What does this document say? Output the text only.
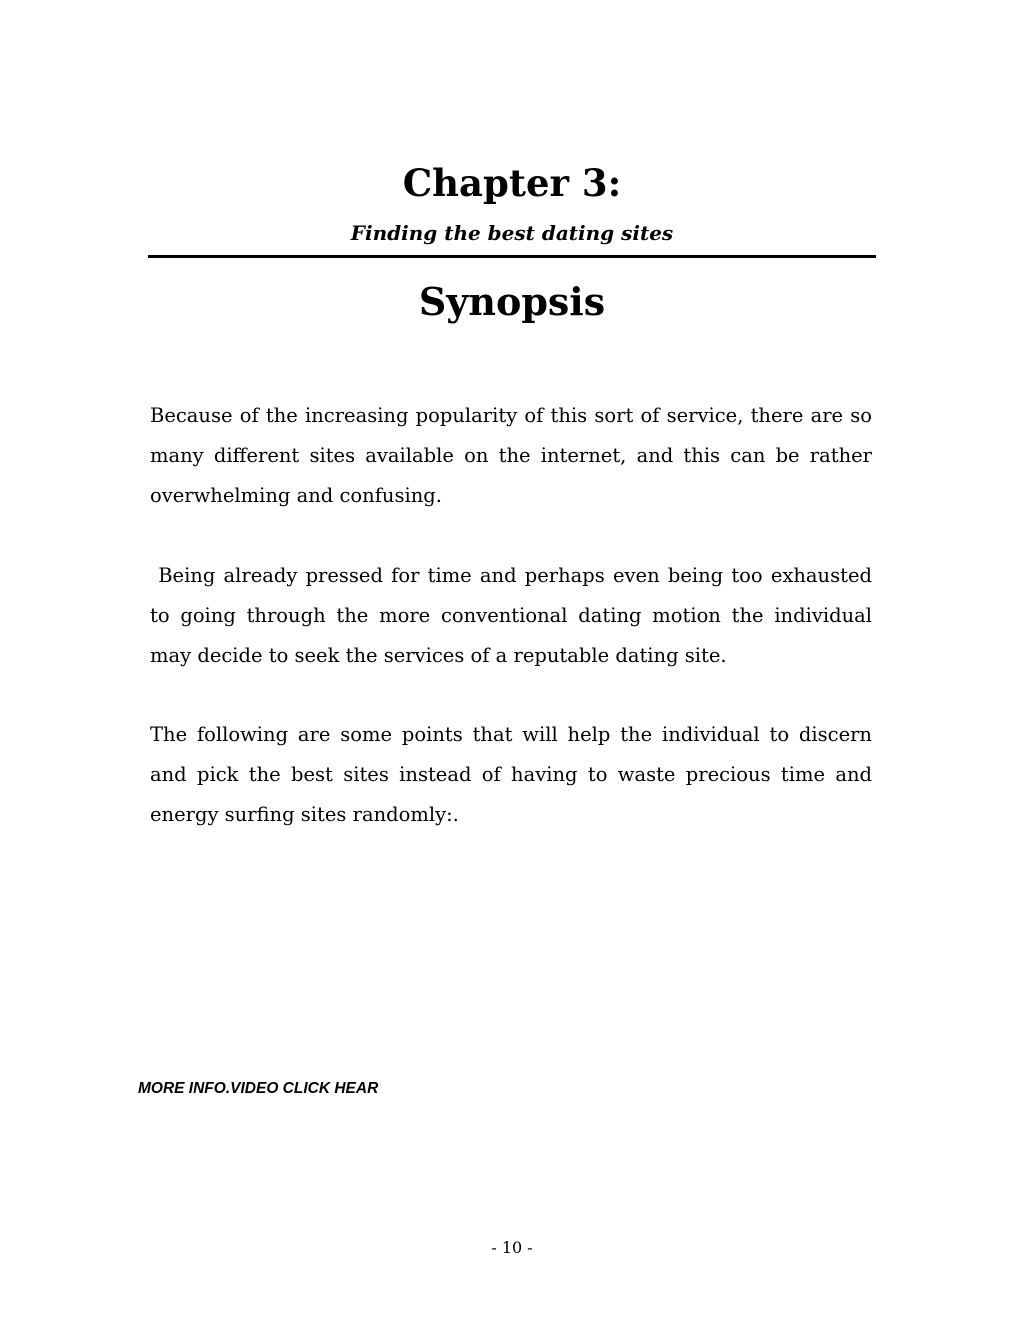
Chapter 3:
Finding the best dating sites
Synopsis

Because of the increasing popularity of this sort of service, there are so many different sites available on the internet, and this can be rather overwhelming and confusing.

Being already pressed for time and perhaps even being too exhausted to going through the more conventional dating motion the individual may decide to seek the services of a reputable dating site.

The following are some points that will help the individual to discern and pick the best sites instead of having to waste precious time and energy surfing sites randomly:.

MORE INFO.VIDEO CLICK HEAR
- 10 -
